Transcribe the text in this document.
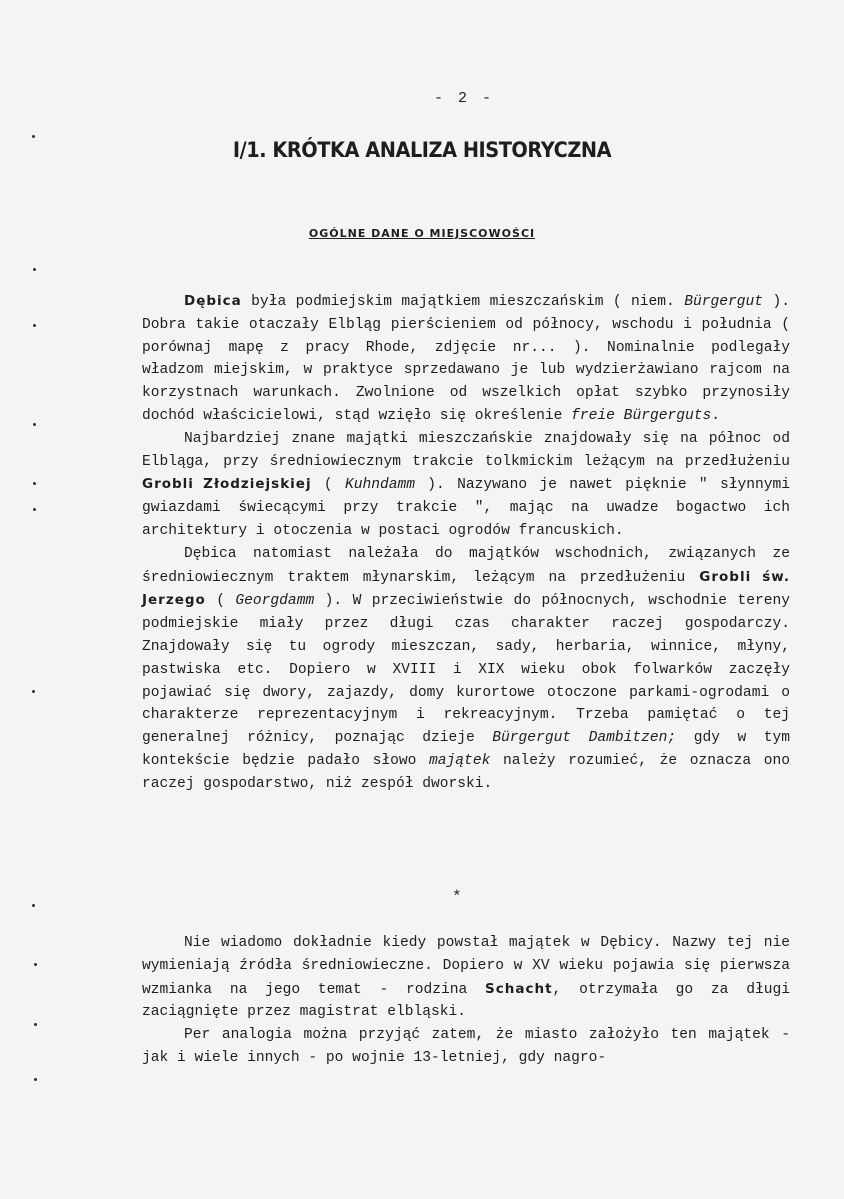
- 2 -
I/1. KRÓTKA ANALIZA HISTORYCZNA
OGÓLNE DANE O MIEJSCOWOŚCI
Dębica była podmiejskim majątkiem mieszczańskim ( niem. Bürgergut ). Dobra takie otaczały Elbląg pierścieniem od północy, wschodu i południa ( porównaj mapę z pracy Rhode, zdjęcie nr... ). Nominalnie podlegały władzom miejskim, w praktyce sprzedawano je lub wydzierżawiano rajcom na korzystnach warunkach. Zwolnione od wszelkich opłat szybko przynosiły dochód właścicielowi, stąd wzięło się określenie freie Bürgerguts.
Najbardziej znane majątki mieszczańskie znajdowały się na północ od Elbląga, przy średniowiecznym trakcie tolkmickim leżącym na przedłużeniu Grobli Złodziejskiej ( Kuhndamm ). Nazywano je nawet pięknie " słynnymi gwiazdami świecącymi przy trakcie ", mając na uwadze bogactwo ich architektury i otoczenia w postaci ogrodów francuskich.
Dębica natomiast należała do majątków wschodnich, związanych ze średniowiecznym traktem młynarskim, leżącym na przedłużeniu Grobli św. Jerzego ( Georgdamm ). W przeciwieństwie do północnych, wschodnie tereny podmiejskie miały przez długi czas charakter raczej gospodarczy. Znajdowały się tu ogrody mieszczan, sady, herbaria, winnice, młyny, pastwiska etc. Dopiero w XVIII i XIX wieku obok folwarków zaczęły pojawiać się dwory, zajazdy, domy kurortowe otoczone parkami-ogrodami o charakterze reprezentacyjnym i rekreacyjnym. Trzeba pamiętać o tej generalnej różnicy, poznając dzieje Bürgergut Dambitzen; gdy w tym kontekście będzie padało słowo majątek należy rozumieć, że oznacza ono raczej gospodarstwo, niż zespół dworski.
*
Nie wiadomo dokładnie kiedy powstał majątek w Dębicy. Nazwy tej nie wymieniają źródła średniowieczne. Dopiero w XV wieku pojawia się pierwsza wzmianka na jego temat - rodzina Schacht, otrzymała go za długi zaciągnięte przez magistrat elbląski.
Per analogia można przyjąć zatem, że miasto założyło ten majątek - jak i wiele innych - po wojnie 13-letniej, gdy nagro-
